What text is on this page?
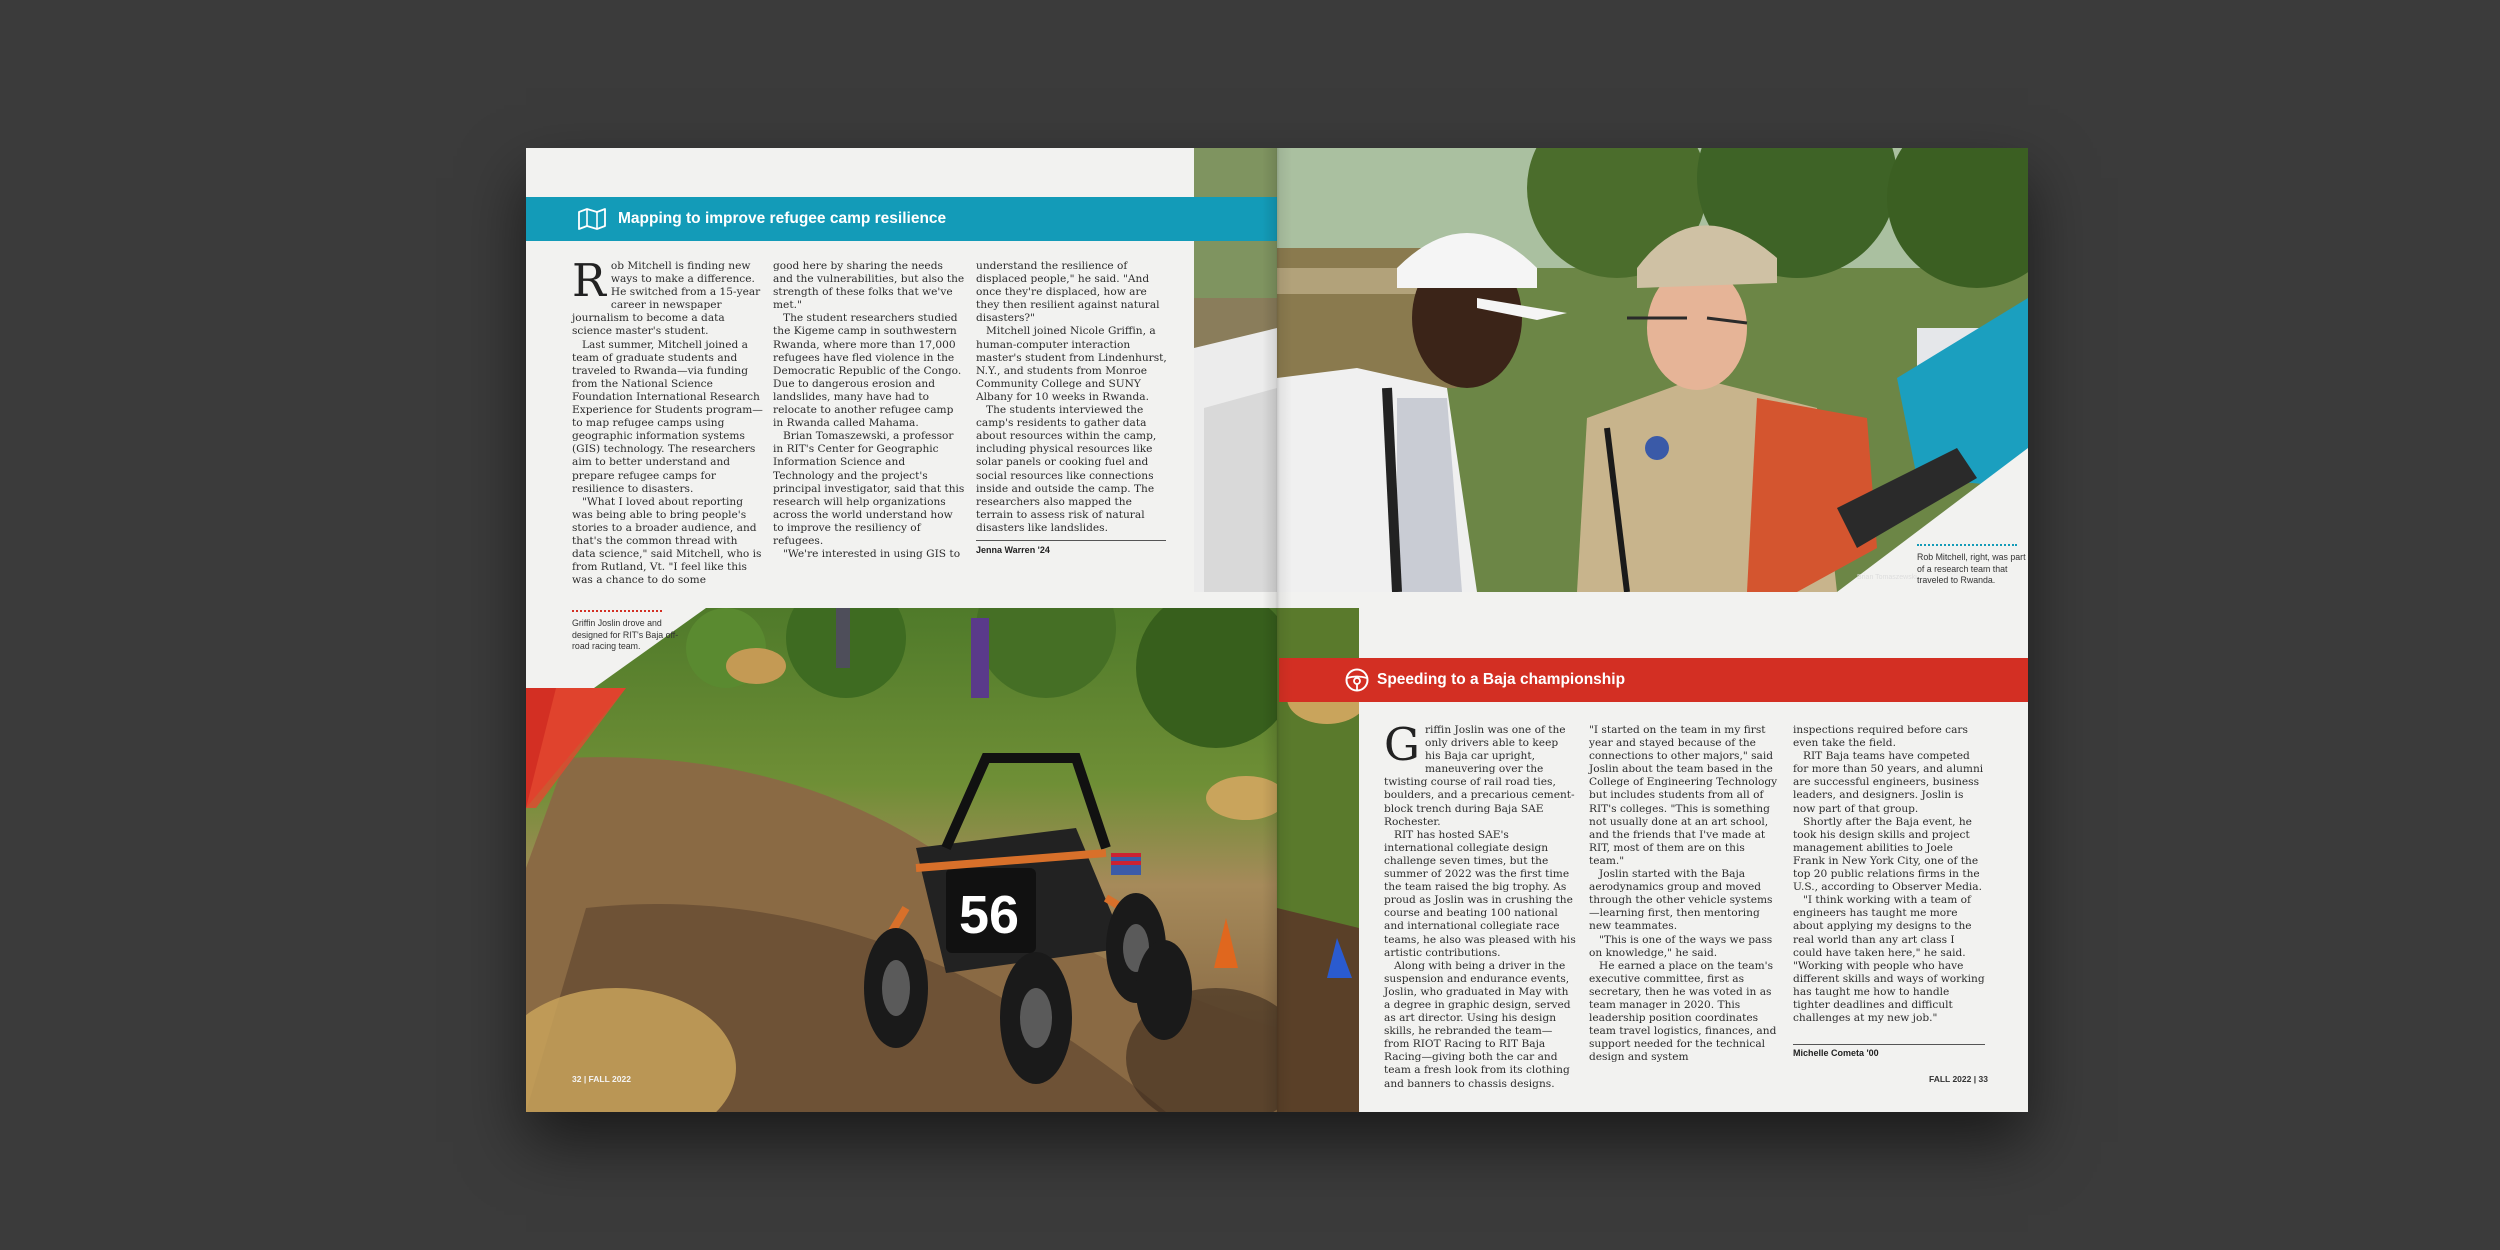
Mapping to improve refugee camp resilience

Rob Mitchell is finding new ways to make a difference. He switched from a 15-year career in newspaper journalism to become a data science master's student.

Last summer, Mitchell joined a team of graduate students and traveled to Rwanda—via funding from the National Science Foundation International Research Experience for Students program—to map refugee camps using geographic information systems (GIS) technology. The researchers aim to better understand and prepare refugee camps for resilience to disasters.

"What I loved about reporting was being able to bring people's stories to a broader audience, and that's the common thread with data science," said Mitchell, who is from Rutland, Vt. "I feel like this was a chance to do some

good here by sharing the needs and the vulnerabilities, but also the strength of these folks that we've met."

The student researchers studied the Kigeme camp in southwestern Rwanda, where more than 17,000 refugees have fled violence in the Democratic Republic of the Congo. Due to dangerous erosion and landslides, many have had to relocate to another refugee camp in Rwanda called Mahama.

Brian Tomaszewski, a professor in RIT's Center for Geographic Information Science and Technology and the project's principal investigator, said that this research will help organizations across the world understand how to improve the resiliency of refugees.

"We're interested in using GIS to

understand the resilience of displaced people," he said. "And once they're displaced, how are they then resilient against natural disasters?"

Mitchell joined Nicole Griffin, a human-computer interaction master's student from Lindenhurst, N.Y., and students from Monroe Community College and SUNY Albany for 10 weeks in Rwanda.

The students interviewed the camp's residents to gather data about resources within the camp, including physical resources like solar panels or cooking fuel and social resources like connections inside and outside the camp. The researchers also mapped the terrain to assess risk of natural disasters like landslides.

Jenna Warren '24
56
Griffin Joslin drove and designed for RIT's Baja off-road racing team.
32 | FALL 2022
Brian Tomaszewski
Rob Mitchell, right, was part of a research team that traveled to Rwanda.
Speeding to a Baja championship

Griffin Joslin was one of the only drivers able to keep his Baja car upright, maneuvering over the twisting course of rail road ties, boulders, and a precarious cement-block trench during Baja SAE Rochester.

RIT has hosted SAE's international collegiate design challenge seven times, but the summer of 2022 was the first time the team raised the big trophy. As proud as Joslin was in crushing the course and beating 100 national and international collegiate race teams, he also was pleased with his artistic contributions.

Along with being a driver in the suspension and endurance events, Joslin, who graduated in May with a degree in graphic design, served as art director. Using his design skills, he rebranded the team—from RIOT Racing to RIT Baja Racing—giving both the car and team a fresh look from its clothing and banners to chassis designs.

"I started on the team in my first year and stayed because of the connections to other majors," said Joslin about the team based in the College of Engineering Technology but includes students from all of RIT's colleges. "This is something not usually done at an art school, and the friends that I've made at RIT, most of them are on this team."

Joslin started with the Baja aerodynamics group and moved through the other vehicle systems—learning first, then mentoring new teammates.

"This is one of the ways we pass on knowledge," he said.

He earned a place on the team's executive committee, first as secretary, then he was voted in as team manager in 2020. This leadership position coordinates team travel logistics, finances, and support needed for the technical design and system

inspections required before cars even take the field.

RIT Baja teams have competed for more than 50 years, and alumni are successful engineers, business leaders, and designers. Joslin is now part of that group.

Shortly after the Baja event, he took his design skills and project management abilities to Joele Frank in New York City, one of the top 20 public relations firms in the U.S., according to Observer Media.

"I think working with a team of engineers has taught me more about applying my designs to the real world than any art class I could have taken here," he said. "Working with people who have different skills and ways of working has taught me how to handle tighter deadlines and difficult challenges at my new job."

Michelle Cometa '00
FALL 2022 | 33
